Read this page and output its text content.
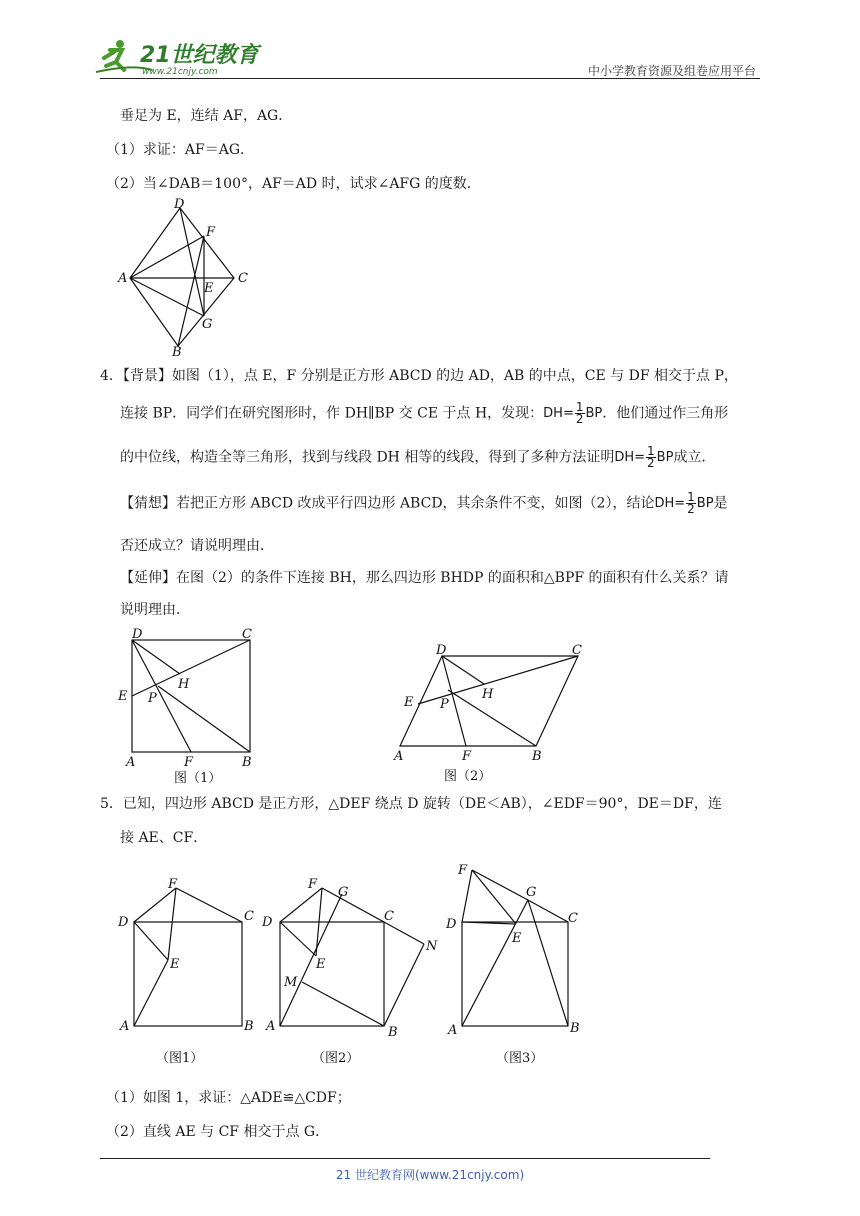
21世纪教育
www.21cnjy.com	中小学教育资源及组卷应用平台
垂足为 E，连结 AF，AG．
（1）求证：AF＝AG．
（2）当∠DAB＝100°，AF＝AD 时，试求∠AFG 的度数．
D
F
A	C
E
G
B
4．【背景】如图（1），点 E，F 分别是正方形 ABCD 的边 AD，AB 的中点，CE 与 DF 相交于点 P，
连接 BP．同学们在研究图形时，作 DH∥BP 交 CE 于点 H，发现：$DH= \frac{1}{2}$ BP．他们通过作三角形
的中位线，构造全等三角形，找到与线段 DH 相等的线段，得到了多种方法证明$DH= \frac{1}{2}$ BP成立．
【猜想】若把正方形 ABCD 改成平行四边形 ABCD，其余条件不变，如图（2），结论$DH= \frac{1}{2}$ BP是
否还成立？请说明理由．
【延伸】在图（2）的条件下连接 BH，那么四边形 BHDP 的面积和△BPF 的面积有什么关系？请
说明理由．
D	C
E
H
P
A	F	B
图（1）
D	C
E
H
P
A	F	B
图（2）
5．已知，四边形 ABCD 是正方形，△DEF 绕点 D 旋转（DE＜AB），∠EDF＝90°，DE＝DF，连
接 AE、CF．
F
D	C
E
A	B
（图1）
F
G
D	C
N
E
M
A	B
（图2）
F
G
D	C
E
A	B
（图3）
（1）如图 1，求证：△ADE≌△CDF；
（2）直线 AE 与 CF 相交于点 G．
21 世纪教育网(www.21cnjy.com)
